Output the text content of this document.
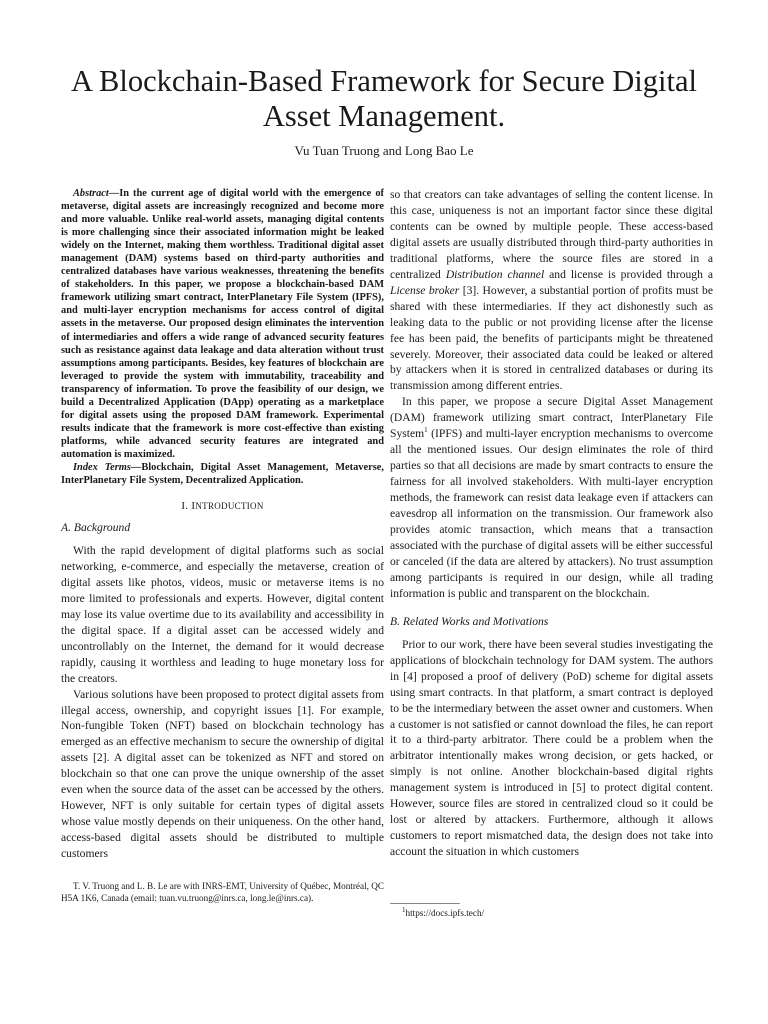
A Blockchain-Based Framework for Secure Digital Asset Management.
Vu Tuan Truong and Long Bao Le

Abstract—In the current age of digital world with the emergence of metaverse, digital assets are increasingly recognized and become more and more valuable. Unlike real-world assets, managing digital contents is more challenging since their associated information might be leaked widely on the Internet, making them worthless. Traditional digital asset management (DAM) systems based on third-party authorities and centralized databases have various weaknesses, threatening the benefits of stakeholders. In this paper, we propose a blockchain-based DAM framework utilizing smart contract, InterPlanetary File System (IPFS), and multi-layer encryption mechanisms for access control of digital assets in the metaverse. Our proposed design eliminates the intervention of intermediaries and offers a wide range of advanced security features such as resistance against data leakage and data alteration without trust assumptions among participants. Besides, key features of blockchain are leveraged to provide the system with immutability, traceability and transparency of information. To prove the feasibility of our design, we build a Decentralized Application (DApp) operating as a marketplace for digital assets using the proposed DAM framework. Experimental results indicate that the framework is more cost-effective than existing platforms, while advanced security features are integrated and automation is maximized.

Index Terms—Blockchain, Digital Asset Management, Metaverse, InterPlanetary File System, Decentralized Application.

I. INTRODUCTION

A. Background

With the rapid development of digital platforms such as social networking, e-commerce, and especially the metaverse, creation of digital assets like photos, videos, music or metaverse items is no more limited to professionals and experts. However, digital content may lose its value overtime due to its availability and accessibility in the digital space. If a digital asset can be accessed widely and uncontrollably on the Internet, the demand for it would decrease rapidly, causing it worthless and leading to huge monetary loss for the creators.

Various solutions have been proposed to protect digital assets from illegal access, ownership, and copyright issues [1]. For example, Non-fungible Token (NFT) based on blockchain technology has emerged as an effective mechanism to secure the ownership of digital assets [2]. A digital asset can be tokenized as NFT and stored on blockchain so that one can prove the unique ownership of the asset even when the source data of the asset can be accessed by the others. However, NFT is only suitable for certain types of digital assets whose value mostly depends on their uniqueness. On the other hand, access-based digital assets should be distributed to multiple customers

T. V. Truong and L. B. Le are with INRS-EMT, University of Québec, Montréal, QC H5A 1K6, Canada (email: tuan.vu.truong@inrs.ca, long.le@inrs.ca).

so that creators can take advantages of selling the content license. In this case, uniqueness is not an important factor since these digital contents can be owned by multiple people. These access-based digital assets are usually distributed through third-party authorities in traditional platforms, where the source files are stored in a centralized Distribution channel and license is provided through a License broker [3]. However, a substantial portion of profits must be shared with these intermediaries. If they act dishonestly such as leaking data to the public or not providing license after the license fee has been paid, the benefits of participants might be threatened severely. Moreover, their associated data could be leaked or altered by attackers when it is stored in centralized databases or during its transmission among different entries.

In this paper, we propose a secure Digital Asset Management (DAM) framework utilizing smart contract, InterPlanetary File System$^1$ (IPFS) and multi-layer encryption mechanisms to overcome all the mentioned issues. Our design eliminates the role of third parties so that all decisions are made by smart contracts to ensure the fairness for all involved stakeholders. With multi-layer encryption methods, the framework can resist data leakage even if attackers can eavesdrop all information on the transmission. Our framework also provides atomic transaction, which means that a transaction associated with the purchase of digital assets will be either successful or canceled (if the data are altered by attackers). No trust assumption among participants is required in our design, while all trading information is public and transparent on the blockchain.

B. Related Works and Motivations

Prior to our work, there have been several studies investigating the applications of blockchain technology for DAM system. The authors in [4] proposed a proof of delivery (PoD) scheme for digital assets using smart contracts. In that platform, a smart contract is deployed to be the intermediary between the asset owner and customers. When a customer is not satisfied or cannot download the files, he can report it to a third-party arbitrator. There could be a problem when the arbitrator intentionally makes wrong decision, or gets hacked, or simply is not online. Another blockchain-based digital rights management system is introduced in [5] to protect digital content. However, source files are stored in centralized cloud so it could be lost or altered by attackers. Furthermore, although it allows customers to report mismatched data, the design does not take into account the situation in which customers

$^1$https://docs.ipfs.tech/
